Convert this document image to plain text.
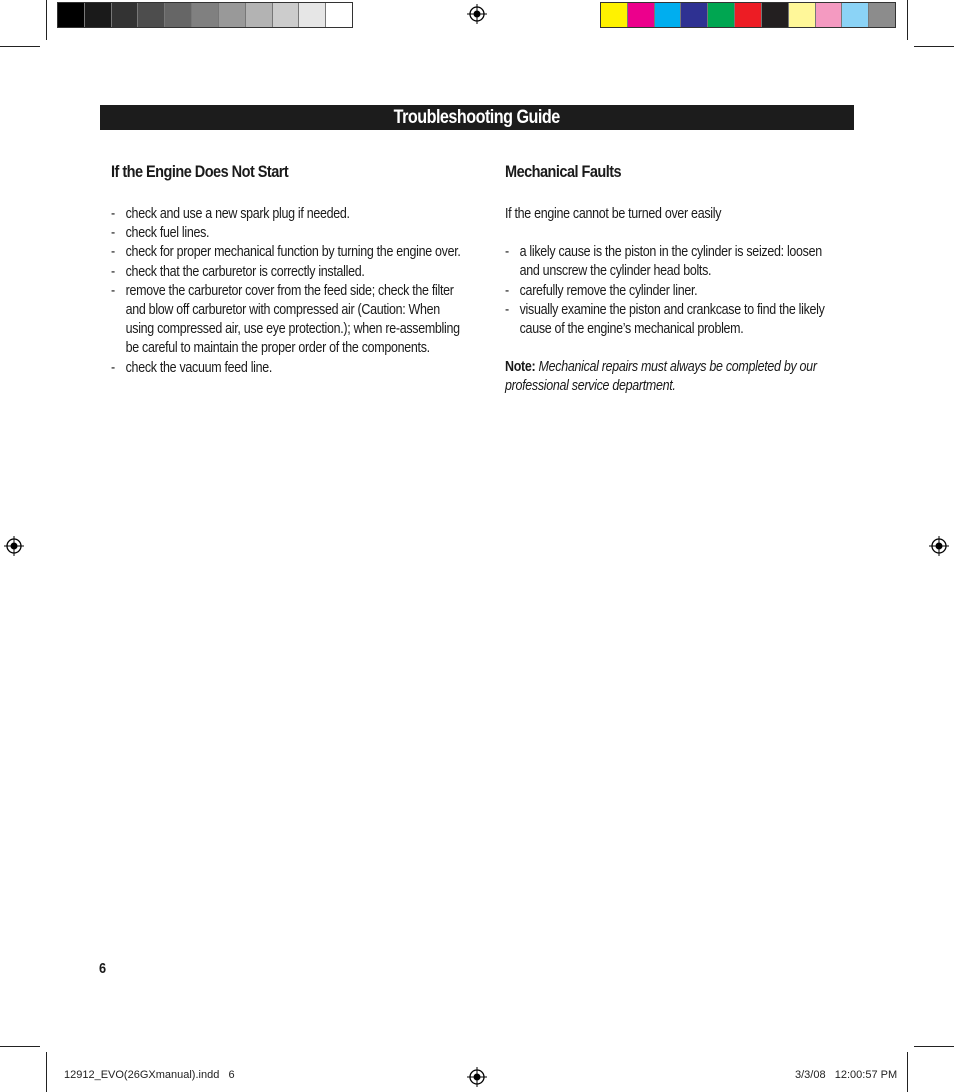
Troubleshooting Guide
If the Engine Does Not Start
- check and use a new spark plug if needed.
- check fuel lines.
- check for proper mechanical function by turning the engine over.
- check that the carburetor is correctly installed.
- remove the carburetor cover from the feed side; check the filter and blow off carburetor with compressed air (Caution: When using compressed air, use eye protection.); when re-assembling be careful to maintain the proper order of the components.
- check the vacuum feed line.
Mechanical Faults

If the engine cannot be turned over easily

- a likely cause is the piston in the cylinder is seized: loosen and unscrew the cylinder head bolts.
- carefully remove the cylinder liner.
- visually examine the piston and crankcase to find the likely cause of the engine’s mechanical problem.

Note: Mechanical repairs must always be completed by our professional service department.

6
12912_EVO(26GXmanual).indd   6	3/3/08   12:00:57 PM
